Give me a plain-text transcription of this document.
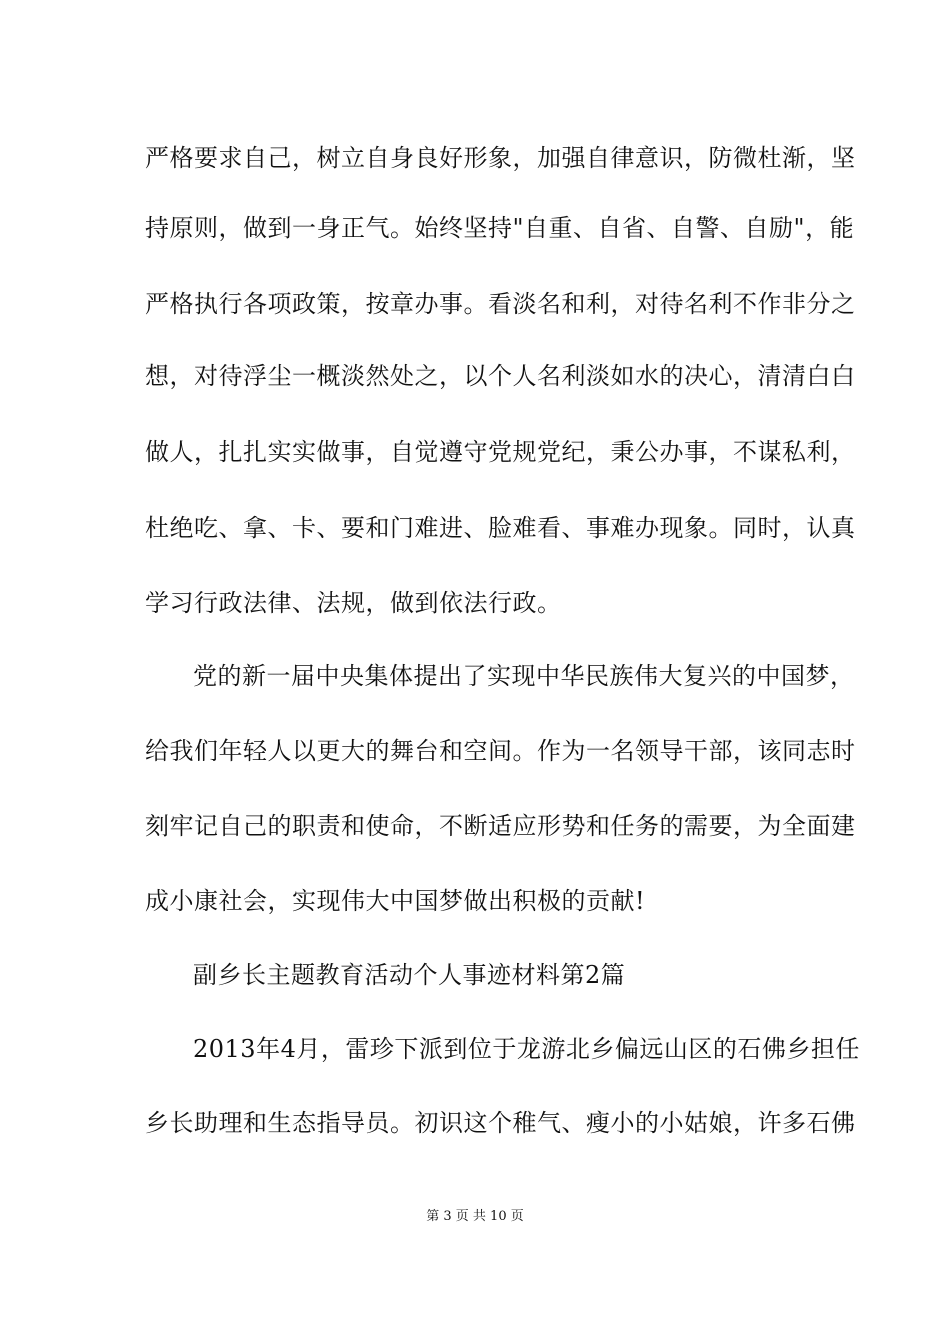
严格要求自己，树立自身良好形象，加强自律意识，防微杜渐，坚
持原则，做到一身正气。始终坚持"自重、自省、自警、自励"，能
严格执行各项政策，按章办事。看淡名和利，对待名利不作非分之
想，对待浮尘一概淡然处之，以个人名利淡如水的决心，清清白白
做人，扎扎实实做事，自觉遵守党规党纪，秉公办事，不谋私利，
杜绝吃、拿、卡、要和门难进、脸难看、事难办现象。同时，认真
学习行政法律、法规，做到依法行政。
党的新一届中央集体提出了实现中华民族伟大复兴的中国梦，
给我们年轻人以更大的舞台和空间。作为一名领导干部，该同志时
刻牢记自己的职责和使命，不断适应形势和任务的需要，为全面建
成小康社会，实现伟大中国梦做出积极的贡献!
副乡长主题教育活动个人事迹材料第2篇
2013年4月，雷珍下派到位于龙游北乡偏远山区的石佛乡担任
乡长助理和生态指导员。初识这个稚气、瘦小的小姑娘，许多石佛
第 3 页 共 10 页
